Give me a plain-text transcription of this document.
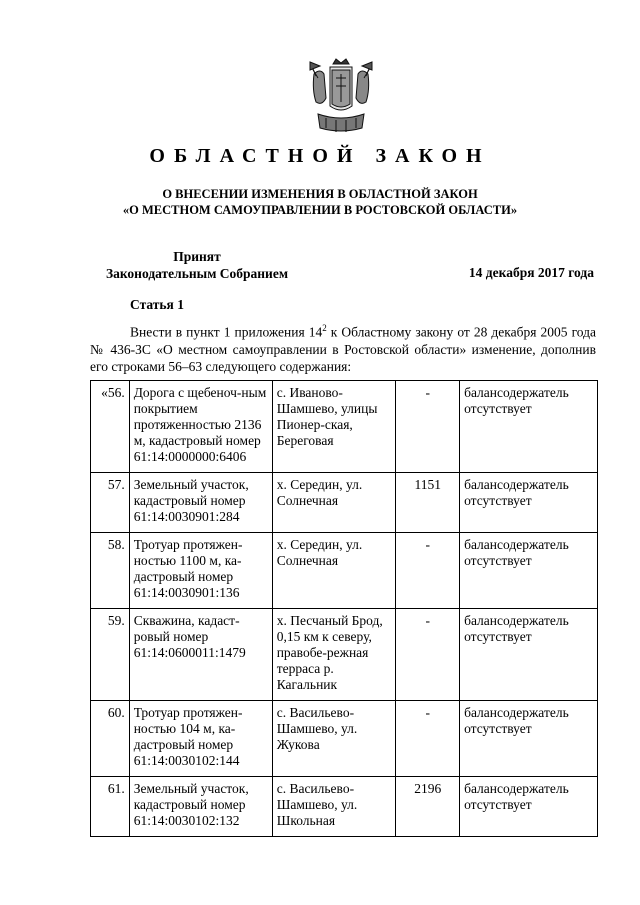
ОБЛАСТНОЙ ЗАКОН
О ВНЕСЕНИИ ИЗМЕНЕНИЯ В ОБЛАСТНОЙ ЗАКОН
«О МЕСТНОМ САМОУПРАВЛЕНИИ В РОСТОВСКОЙ ОБЛАСТИ»
Принят
Законодательным Собранием	14 декабря 2017 года
Статья 1
Внести в пункт 1 приложения $14^2$ к Областному закону от 28 декабря 2005 года № 436-ЗС «О местном самоуправлении в Ростовской области» изменение, дополнив его строками 56–63 следующего содержания:
«56.	Дорога с щебеноч-ным покрытием протяженностью 2136 м, кадастровый номер 61:14:0000000:6406	с. Иваново-Шамшево, улицы Пионер-ская, Береговая	-	балансодержатель отсутствует
57.	Земельный участок, кадастровый номер 61:14:0030901:284	х. Середин, ул. Солнечная	1151	балансодержатель отсутствует
58.	Тротуар протяжен-ностью 1100 м, ка-дастровый номер 61:14:0030901:136	х. Середин, ул. Солнечная	-	балансодержатель отсутствует
59.	Скважина, кадаст-ровый номер 61:14:0600011:1479	х. Песчаный Брод, 0,15 км к северу, правобе-режная терраса р. Кагальник	-	балансодержатель отсутствует
60.	Тротуар протяжен-ностью 104 м, ка-дастровый номер 61:14:0030102:144	с. Васильево-Шамшево, ул. Жукова	-	балансодержатель отсутствует
61.	Земельный участок, кадастровый номер 61:14:0030102:132	с. Васильево-Шамшево, ул. Школьная	2196	балансодержатель отсутствует
